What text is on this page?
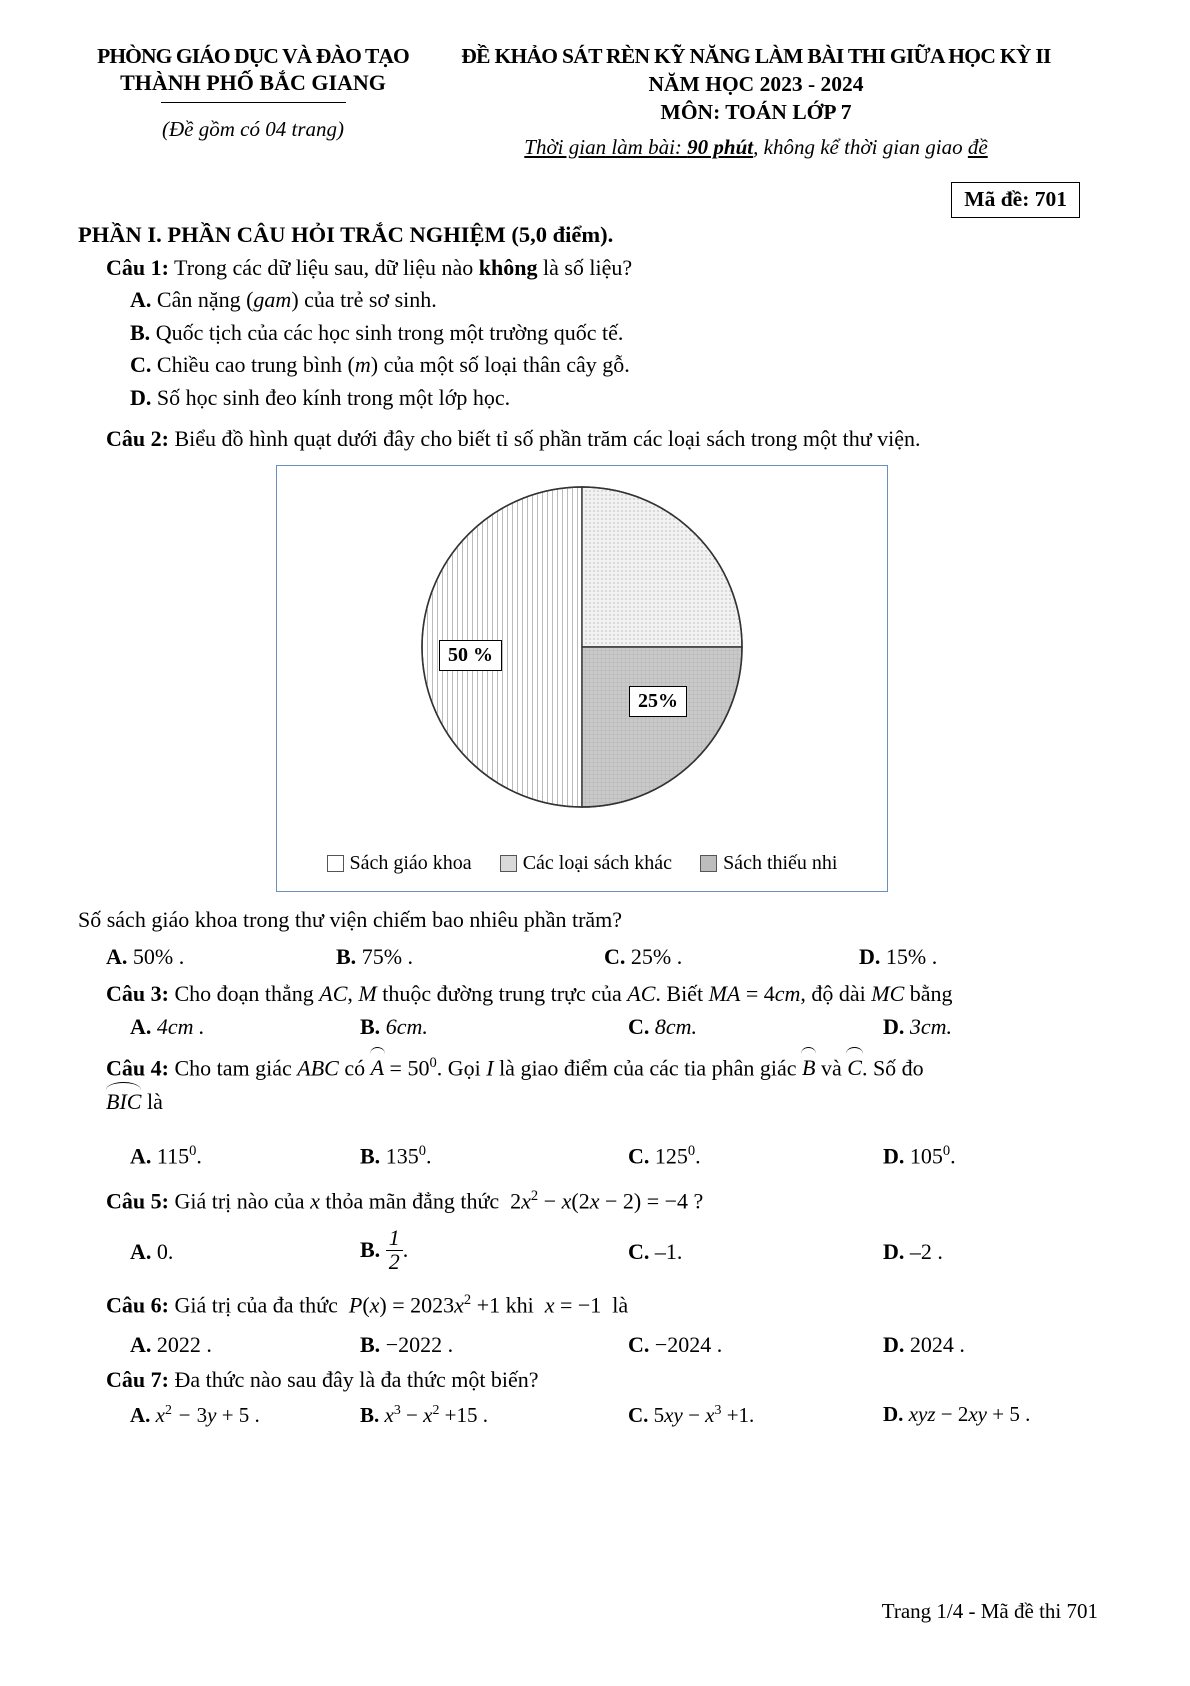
PHÒNG GIÁO DỤC VÀ ĐÀO TẠO
THÀNH PHỐ BẮC GIANG
(Đề gồm có 04 trang)
ĐỀ KHẢO SÁT RÈN KỸ NĂNG LÀM BÀI THI GIỮA HỌC KỲ II
NĂM HỌC 2023 - 2024
MÔN: TOÁN LỚP 7
Thời gian làm bài: 90 phút, không kể thời gian giao đề
Mã đề: 701
PHẦN I. PHẦN CÂU HỎI TRẮC NGHIỆM (5,0 điểm).
Câu 1: Trong các dữ liệu sau, dữ liệu nào không là số liệu?
A. Cân nặng (gam) của trẻ sơ sinh.
B. Quốc tịch của các học sinh trong một trường quốc tế.
C. Chiều cao trung bình (m) của một số loại thân cây gỗ.
D. Số học sinh đeo kính trong một lớp học.
Câu 2: Biểu đồ hình quạt dưới đây cho biết tỉ số phần trăm các loại sách trong một thư viện.
50 %
25%
Sách giáo khoa	Các loại sách khác	Sách thiếu nhi
Số sách giáo khoa trong thư viện chiếm bao nhiêu phần trăm?
A. 50% .	B. 75% .	C. 25% .	D. 15% .
Câu 3: Cho đoạn thẳng AC, M thuộc đường trung trực của AC. Biết MA = 4cm, độ dài MC bằng
A. 4cm .	B. 6cm.	C. 8cm.	D. 3cm.
Câu 4: Cho tam giác ABC có
$A = 50^0$. Gọi I là giao điểm của các tia phân giác
B và
C. Số đo
BIC là
A. $115^0$.	B. $135^0$.	C. $125^0$.	D. $105^0$.
Câu 5: Giá trị nào của x thỏa mãn đẳng thức  $2x^2 - x(2x - 2) = -4$ ?
A. 0.	B. $\frac{1}{2}$ .	C. –1.	D. –2 .
Câu 6: Giá trị của đa thức  $P(x) = 2023x^2 +1$ khi  x = −1  là
A. 2022 .	B. −2022 .	C. −2024 .	D. 2024 .
Câu 7: Đa thức nào sau đây là đa thức một biến?
A. $x^2 - 3y + 5$ .	B. $x^3 - x^2 +15$ .	C. $5xy - x^3 +1$.	D. xyz − 2xy + 5 .
Trang 1/4 - Mã đề thi 701
